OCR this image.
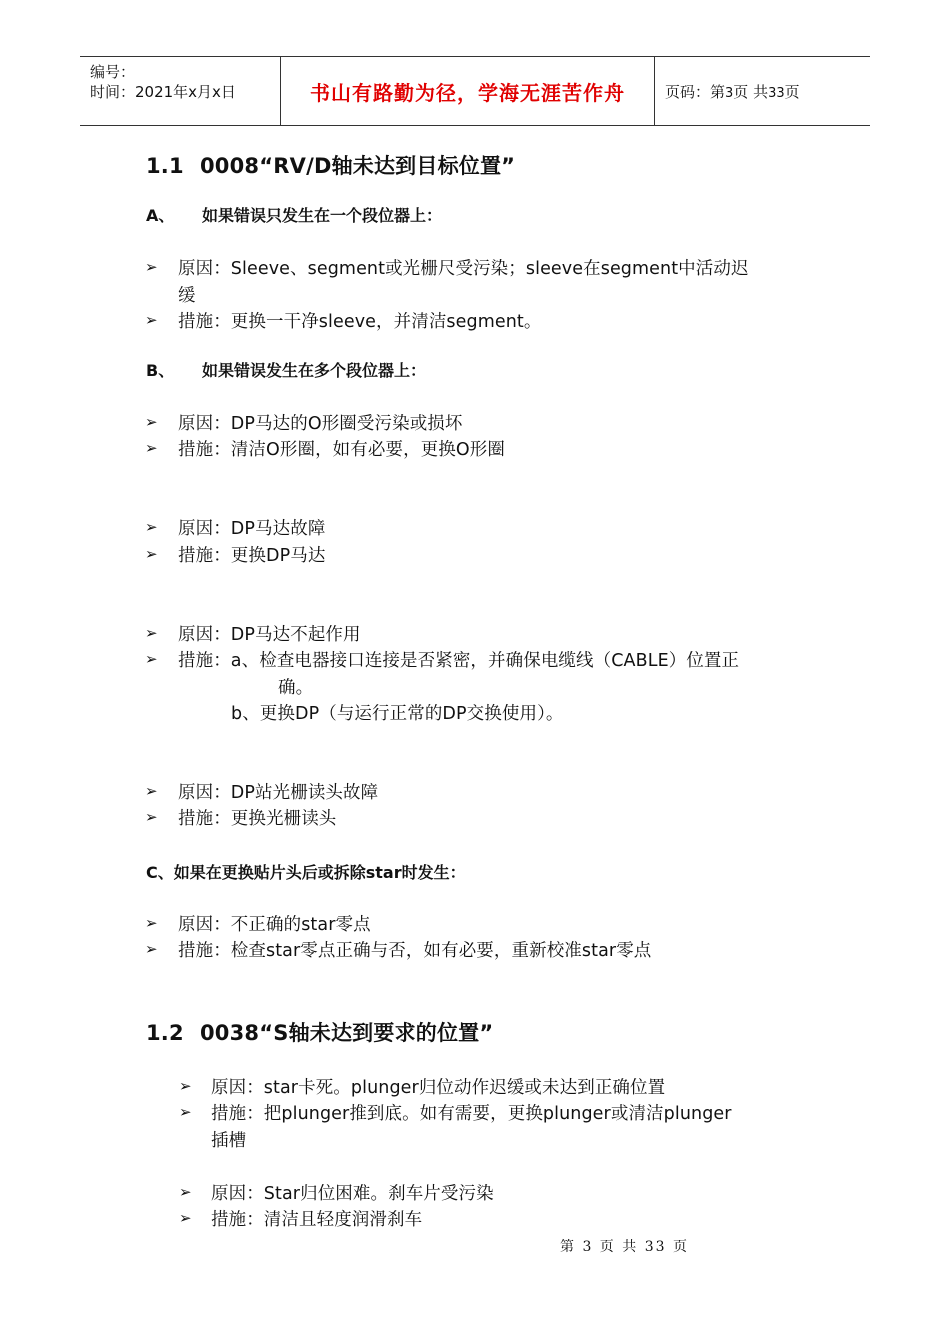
编号：
时间：2021年x月x日	书山有路勤为径，学海无涯苦作舟	页码：第3页 共33页
1.1 0008“RV/D轴未达到目标位置”
A、 如果错误只发生在一个段位器上：
➢ 原因：Sleeve、segment或光栅尺受污染；sleeve在segment中活动迟
缓
➢ 措施：更换一干净sleeve，并清洁segment。
B、 如果错误发生在多个段位器上：
➢ 原因：DP马达的O形圈受污染或损坏
➢ 措施：清洁O形圈，如有必要，更换O形圈
➢ 原因：DP马达故障
➢ 措施：更换DP马达
➢ 原因：DP马达不起作用
➢ 措施：a、检查电器接口连接是否紧密，并确保电缆线（CABLE）位置正
确。
b、更换DP（与运行正常的DP交换使用）。
➢ 原因：DP站光栅读头故障
➢ 措施：更换光栅读头
C、如果在更换贴片头后或拆除star时发生：
➢ 原因：不正确的star零点
➢ 措施：检查star零点正确与否，如有必要，重新校准star零点
1.2 0038“S轴未达到要求的位置”
➢ 原因：star卡死。plunger归位动作迟缓或未达到正确位置
➢ 措施：把plunger推到底。如有需要，更换plunger或清洁plunger
插槽
➢ 原因：Star归位困难。刹车片受污染
➢ 措施：清洁且轻度润滑刹车
第 3 页 共 33 页
